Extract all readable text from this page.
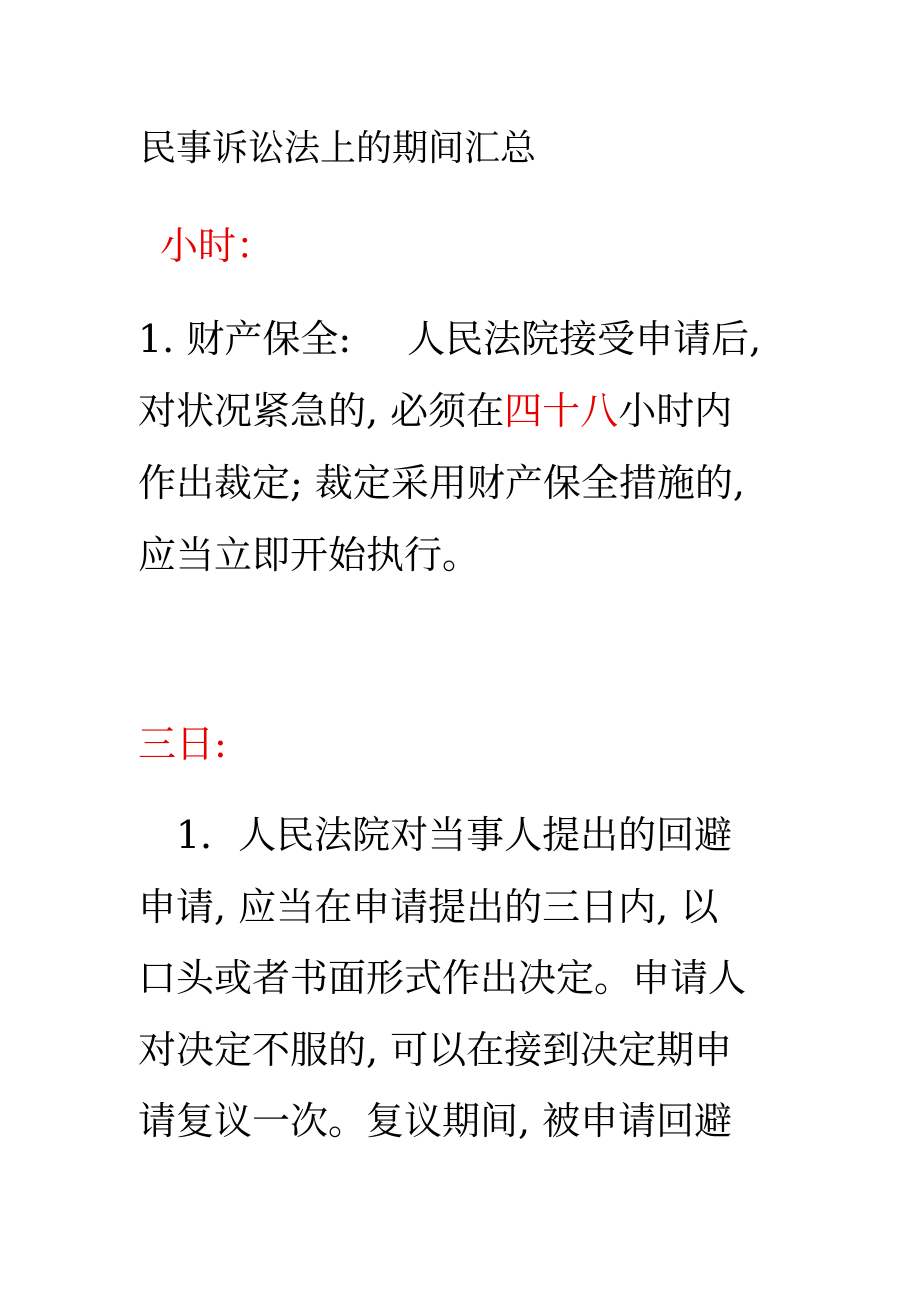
民事诉讼法上的期间汇总
小时：
1. 财产保全: 人民法院接受申请后,
对状况紧急的, 必须在四十八小时内
作出裁定; 裁定采用财产保全措施的,
应当立即开始执行。
三日:
1．人民法院对当事人提出的回避
申请, 应当在申请提出的三日内, 以
口头或者书面形式作出决定。申请人
对决定不服的, 可以在接到决定期申
请复议一次。复议期间, 被申请回避
